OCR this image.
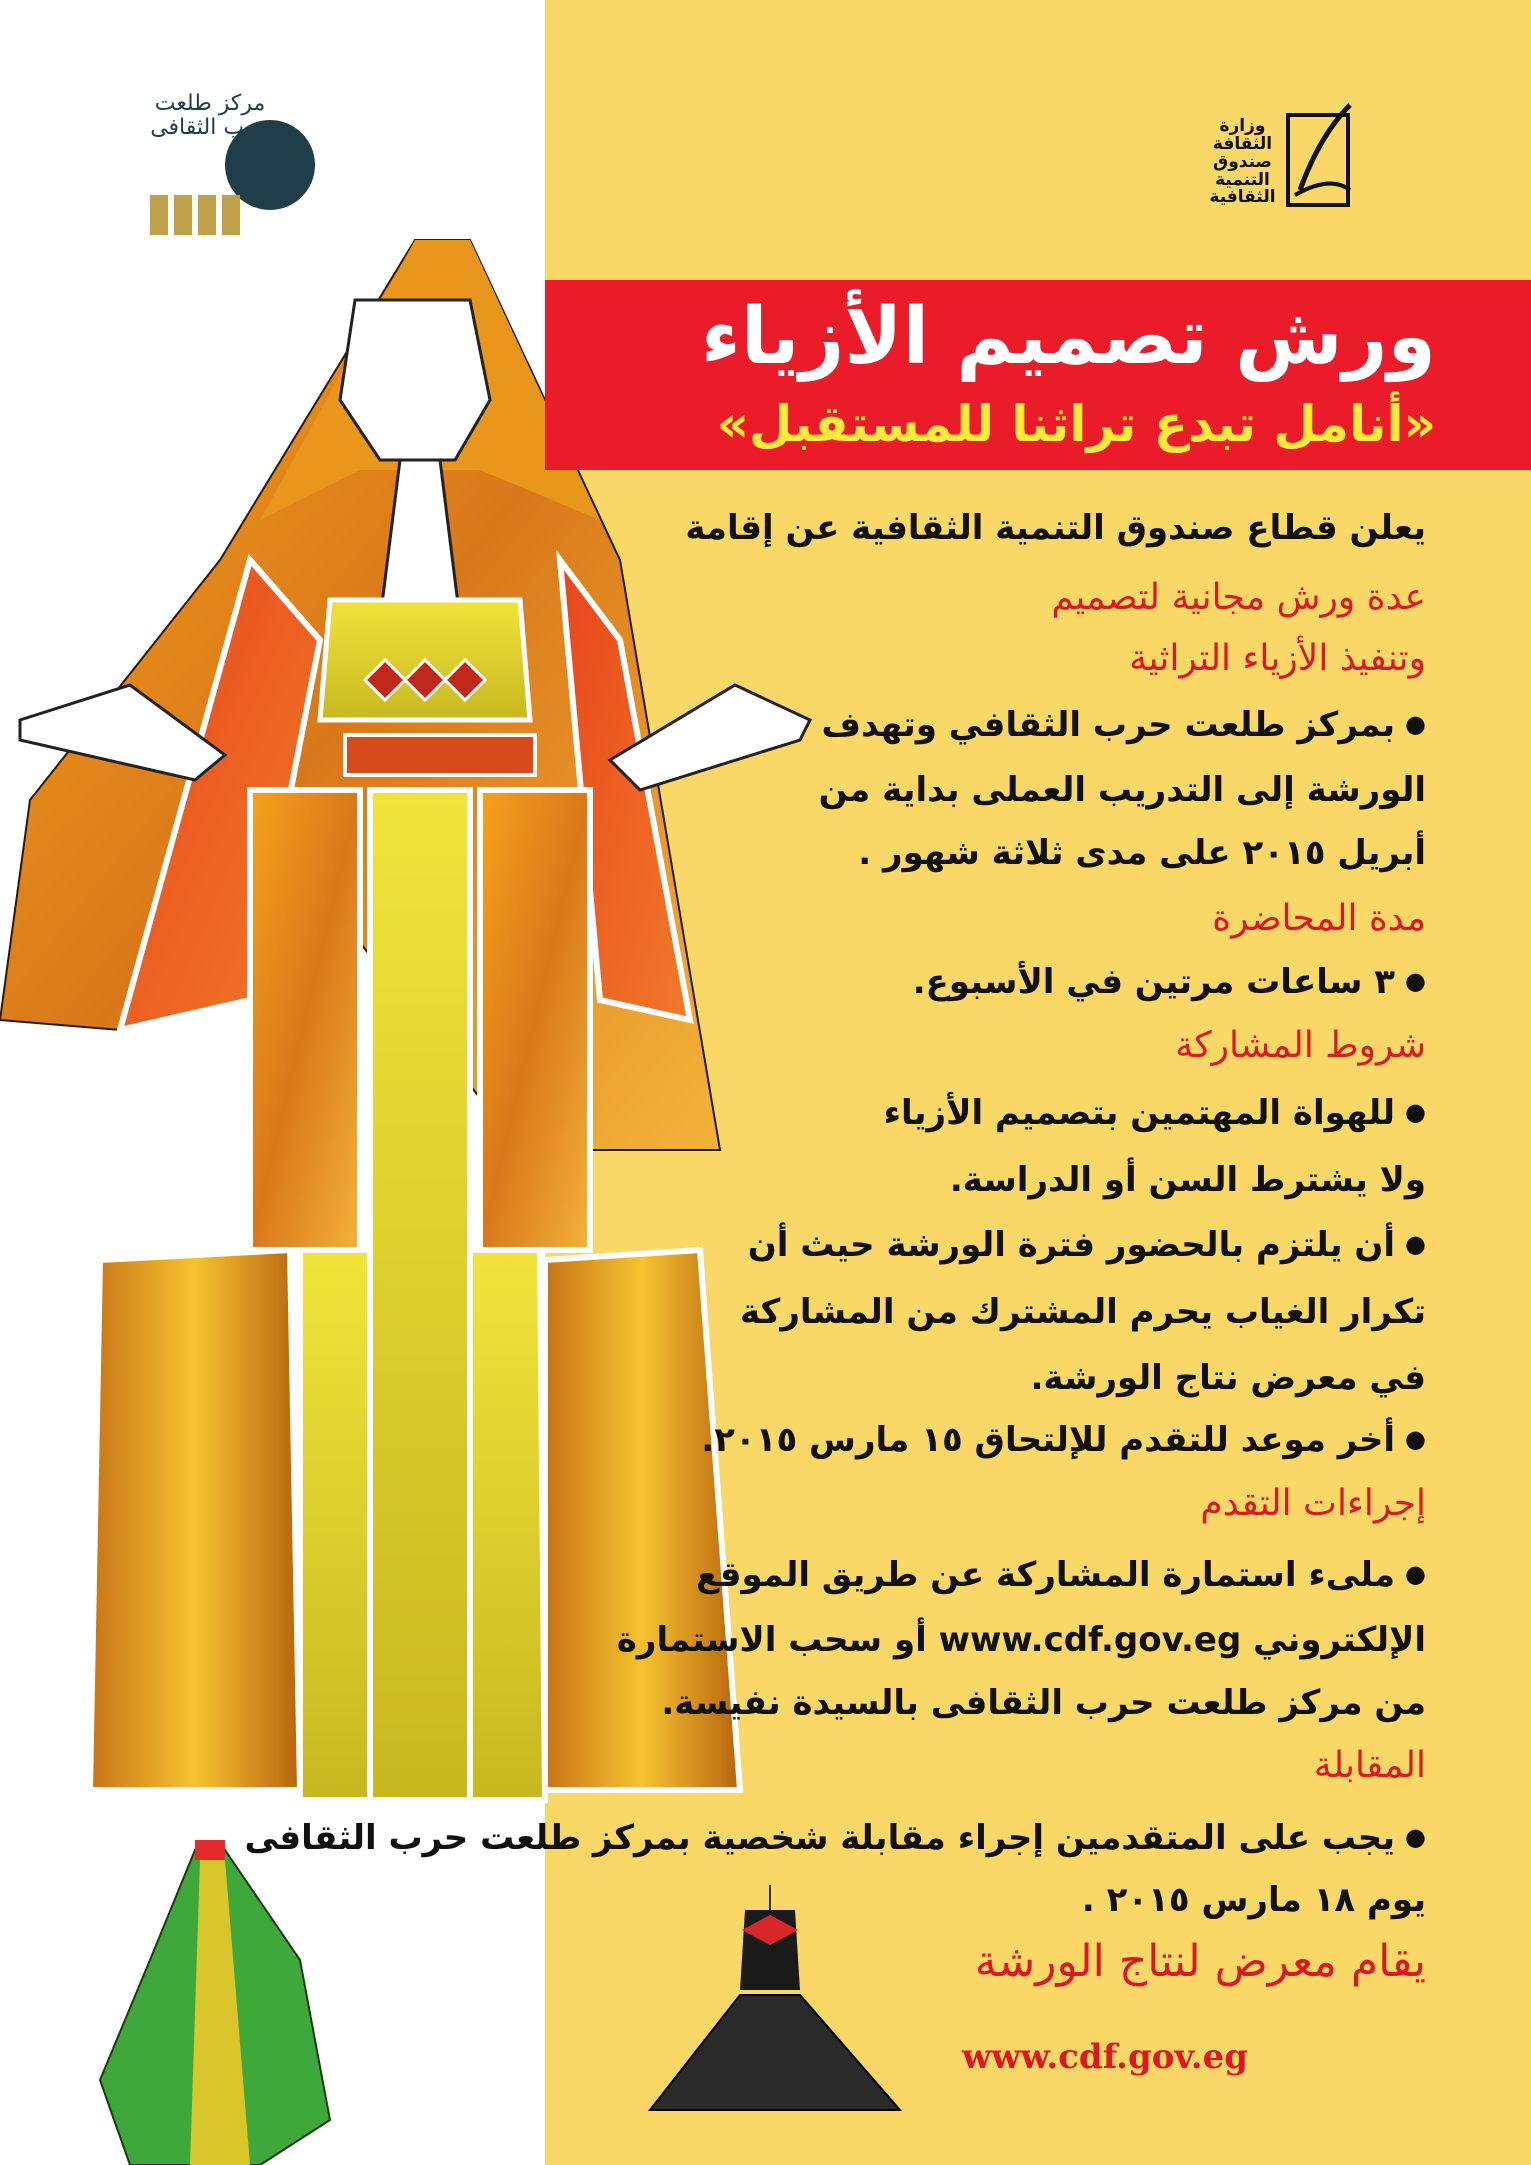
مركز طلعت حرب الثقافى	وزارة الثقافة صندوق التنمية الثقافية
ورش تصميم الأزياء
«أنامل تبدع تراثنا للمستقبل»
يعلن قطاع صندوق التنمية الثقافية عن إقامة
عدة ورش مجانية لتصميم
وتنفيذ الأزياء التراثية
● بمركز طلعت حرب الثقافي وتهدف
الورشة إلى التدريب العملى بداية من
أبريل ٢٠١٥ على مدى ثلاثة شهور .
مدة المحاضرة
● ٣ ساعات مرتين في الأسبوع.
شروط المشاركة
● للهواة المهتمين بتصميم الأزياء
ولا يشترط السن أو الدراسة.
● أن يلتزم بالحضور فترة الورشة حيث أن
تكرار الغياب يحرم المشترك من المشاركة
في معرض نتاج الورشة.
● أخر موعد للتقدم للإلتحاق ١٥ مارس ٢٠١٥.
إجراءات التقدم
● ملىء استمارة المشاركة عن طريق الموقع
الإلكتروني www.cdf.gov.eg أو سحب الاستمارة
من مركز طلعت حرب الثقافى بالسيدة نفيسة.
المقابلة
● يجب على المتقدمين إجراء مقابلة شخصية بمركز طلعت حرب الثقافى
يوم ١٨ مارس ٢٠١٥ .
يقام معرض لنتاج الورشة
www.cdf.gov.eg
